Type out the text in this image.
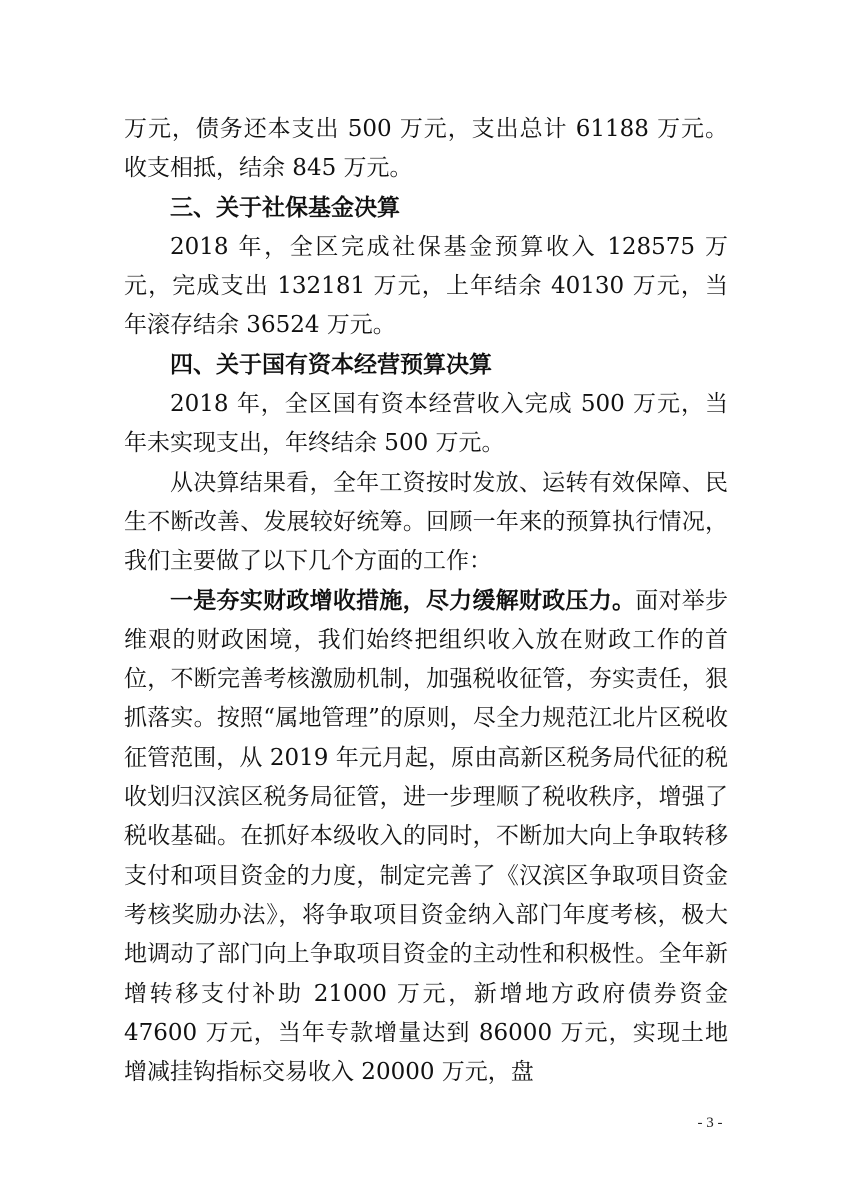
万元，债务还本支出 500 万元，支出总计 61188 万元。收支相抵，结余 845 万元。

三、关于社保基金决算

2018 年，全区完成社保基金预算收入 128575 万元，完成支出 132181 万元，上年结余 40130 万元，当年滚存结余 36524 万元。

四、关于国有资本经营预算决算

2018 年，全区国有资本经营收入完成 500 万元，当年未实现支出，年终结余 500 万元。

从决算结果看，全年工资按时发放、运转有效保障、民生不断改善、发展较好统筹。回顾一年来的预算执行情况，我们主要做了以下几个方面的工作：

一是夯实财政增收措施，尽力缓解财政压力。面对举步维艰的财政困境，我们始终把组织收入放在财政工作的首位，不断完善考核激励机制，加强税收征管，夯实责任，狠抓落实。按照“属地管理”的原则，尽全力规范江北片区税收征管范围，从 2019 年元月起，原由高新区税务局代征的税收划归汉滨区税务局征管，进一步理顺了税收秩序，增强了税收基础。在抓好本级收入的同时，不断加大向上争取转移支付和项目资金的力度，制定完善了《汉滨区争取项目资金考核奖励办法》，将争取项目资金纳入部门年度考核，极大地调动了部门向上争取项目资金的主动性和积极性。全年新增转移支付补助 21000 万元，新增地方政府债券资金 47600 万元，当年专款增量达到 86000 万元，实现土地增减挂钩指标交易收入 20000 万元，盘

- 3 -
